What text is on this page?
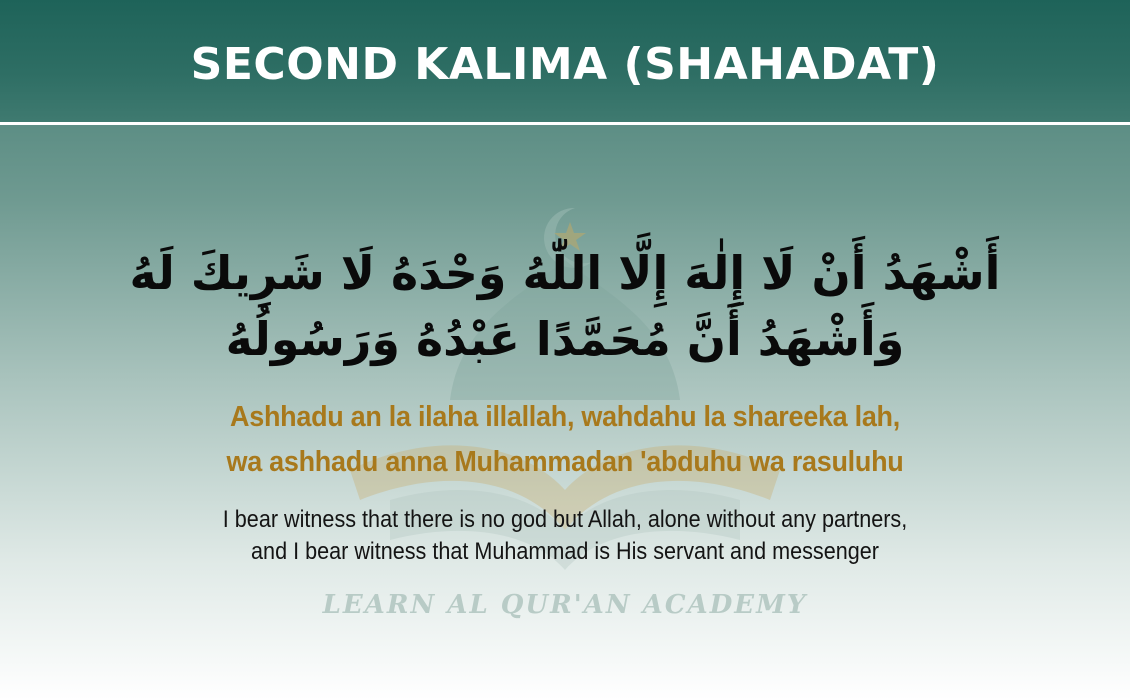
SECOND KALIMA (SHAHADAT)
أَشْهَدُ أَنْ لَا إِلٰهَ إِلَّا اللّٰهُ وَحْدَهُ لَا شَرِيكَ لَهُ
وَأَشْهَدُ أَنَّ مُحَمَّدًا عَبْدُهُ وَرَسُولُهُ
Ashhadu an la ilaha illallah, wahdahu la shareeka lah,
wa ashhadu anna Muhammadan 'abduhu wa rasuluhu
I bear witness that there is no god but Allah, alone without any partners,
and I bear witness that Muhammad is His servant and messenger
LEARN AL QUR'AN ACADEMY
